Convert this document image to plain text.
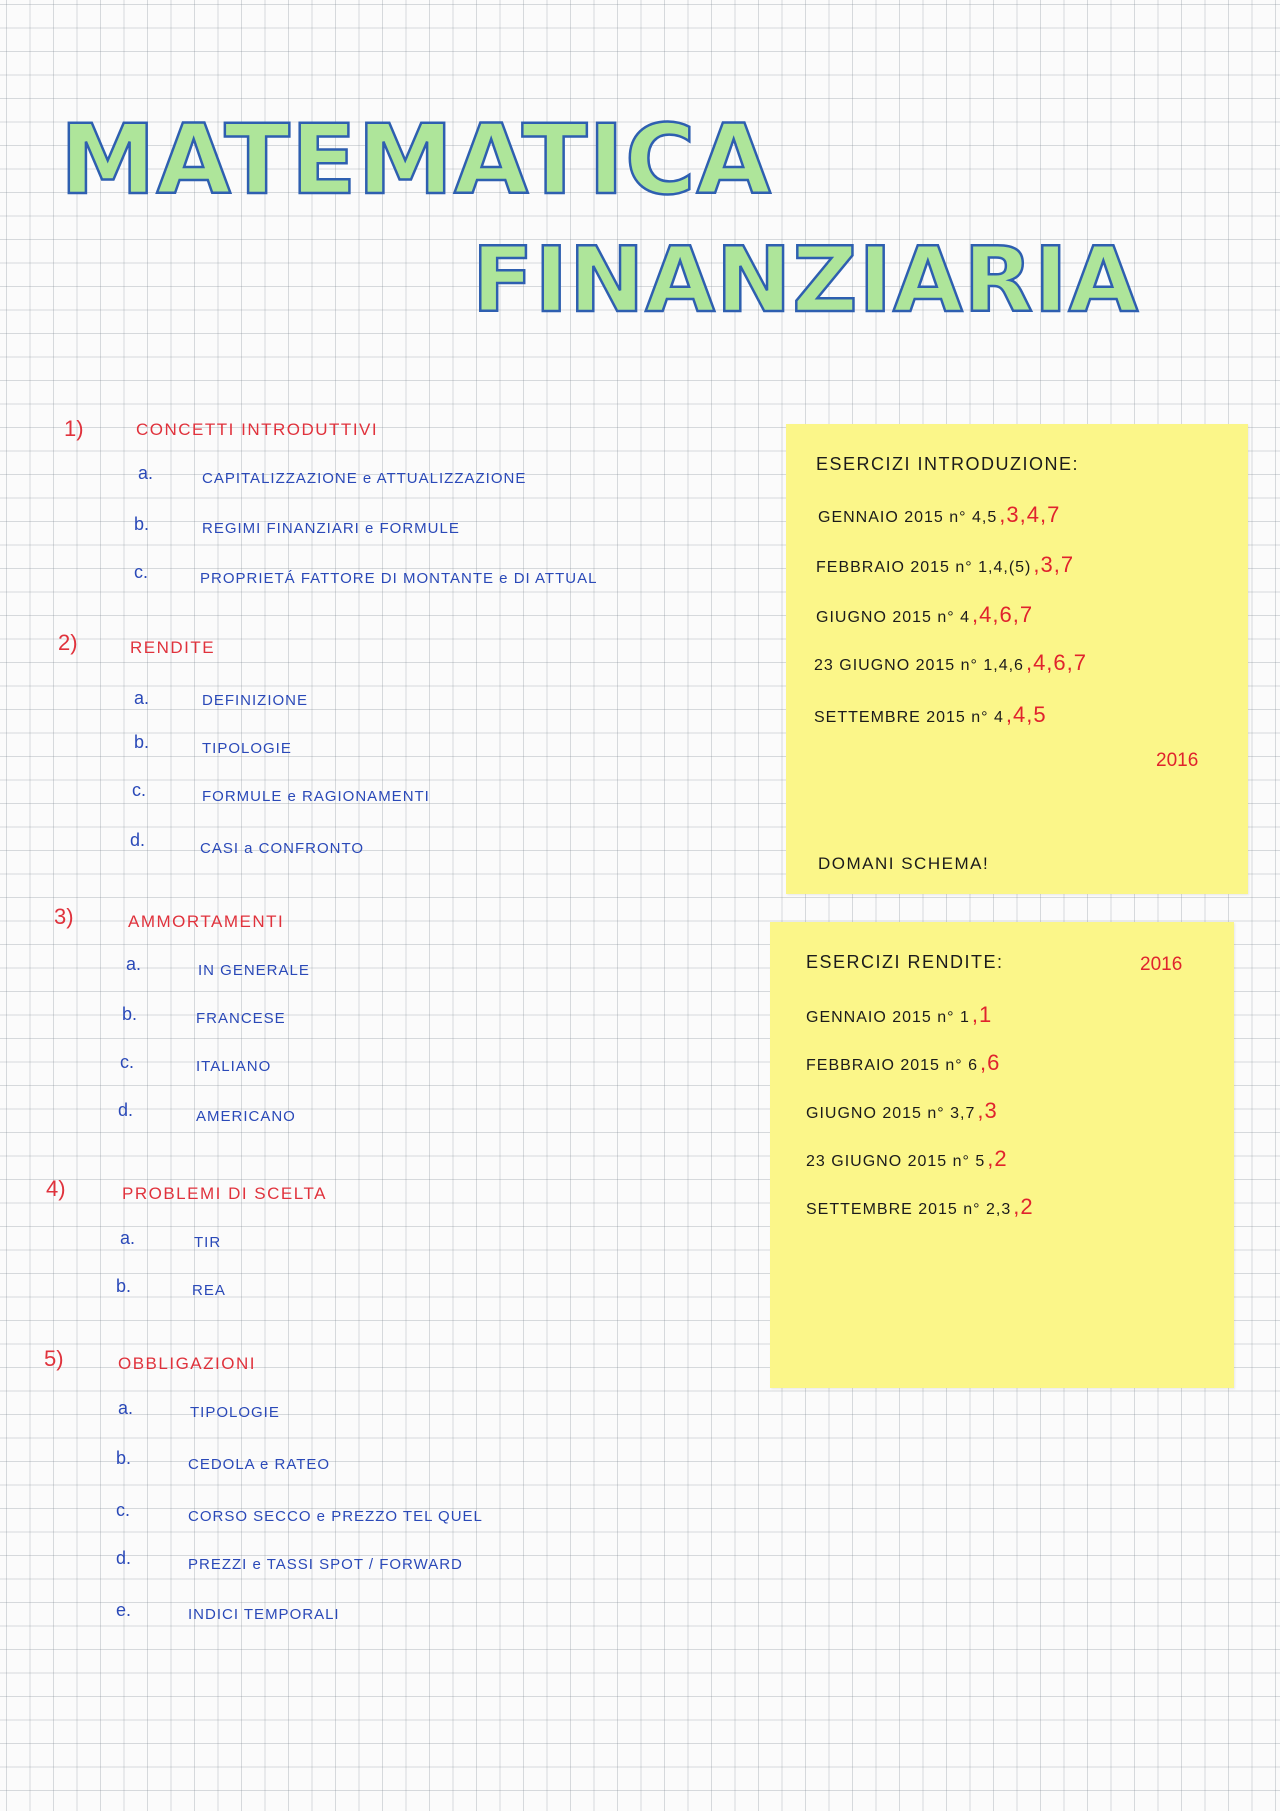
MATEMATICA
FINANZIARIA
1)	CONCETTI INTRODUTTIVI
a.	CAPITALIZZAZIONE e ATTUALIZZAZIONE
b.	REGIMI FINANZIARI e FORMULE
c.	PROPRIETÁ FATTORE DI MONTANTE e DI ATTUAL
2)	RENDITE
a.	DEFINIZIONE
b.	TIPOLOGIE
c.	FORMULE e RAGIONAMENTI
d.	CASI a CONFRONTO
3)	AMMORTAMENTI
a.	IN GENERALE
b.	FRANCESE
c.	ITALIANO
d.	AMERICANO
4)	PROBLEMI DI SCELTA
a.	TIR
b.	REA
5)	OBBLIGAZIONI
a.	TIPOLOGIE
b.	CEDOLA e RATEO
c.	CORSO SECCO e PREZZO TEL QUEL
d.	PREZZI e TASSI SPOT / FORWARD
e.	INDICI TEMPORALI
ESERCIZI INTRODUZIONE:
GENNAIO 2015 n° 4,5,3,4,7
FEBBRAIO 2015 n° 1,4,(5),3,7
GIUGNO 2015 n° 4,4,6,7
23 GIUGNO 2015 n° 1,4,6,4,6,7
SETTEMBRE 2015 n° 4,4,5
2016
DOMANI SCHEMA!
ESERCIZI RENDITE:	2016
GENNAIO 2015 n° 1,1
FEBBRAIO 2015 n° 6,6
GIUGNO 2015 n° 3,7,3
23 GIUGNO 2015 n° 5,2
SETTEMBRE 2015 n° 2,3,2
